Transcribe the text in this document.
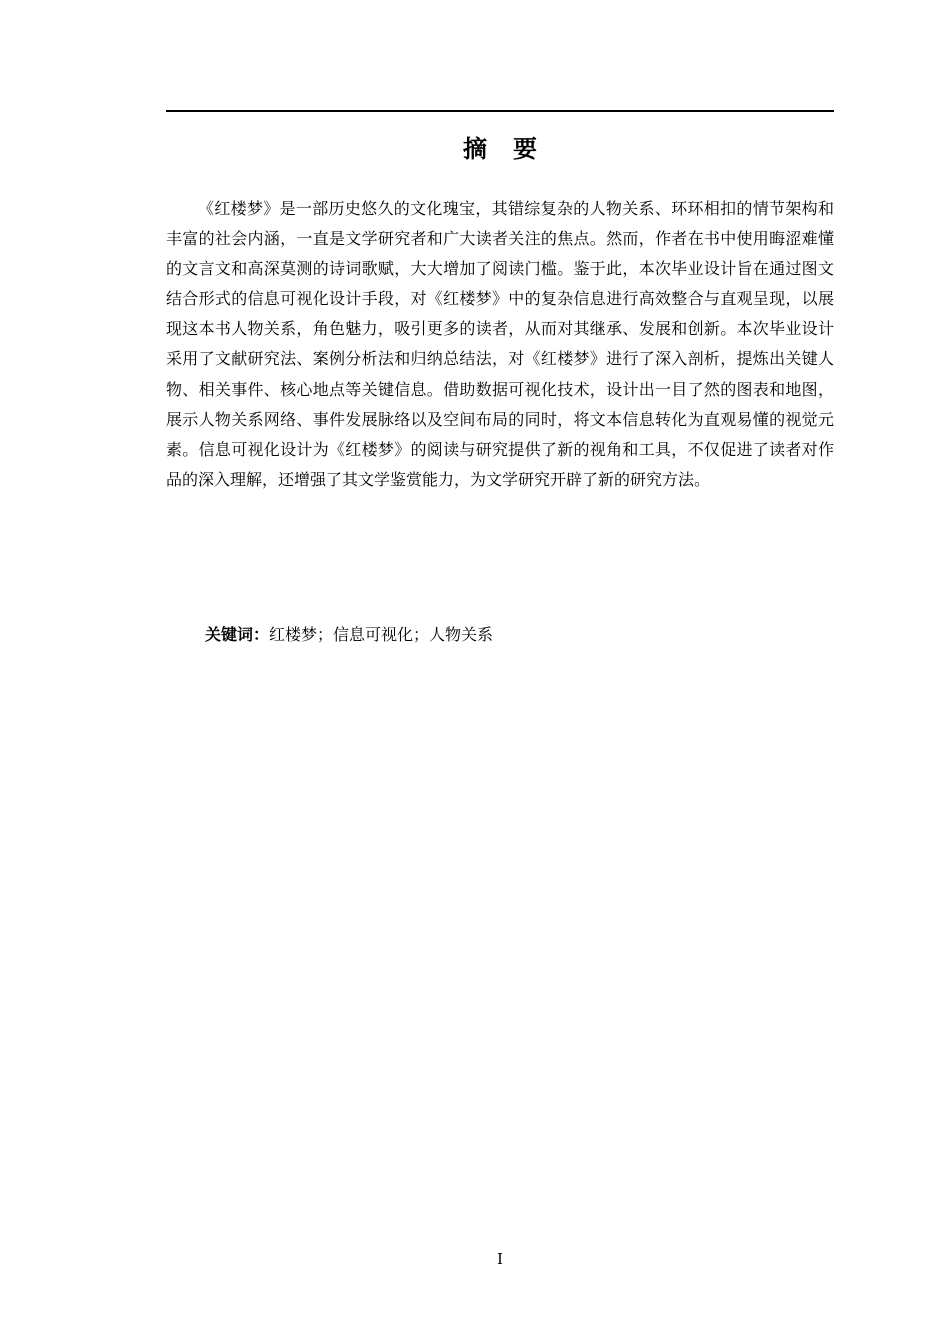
摘 要

《红楼梦》是一部历史悠久的文化瑰宝，其错综复杂的人物关系、环环相扣的情节架构和丰富的社会内涵，一直是文学研究者和广大读者关注的焦点。然而，作者在书中使用晦涩难懂的文言文和高深莫测的诗词歌赋，大大增加了阅读门槛。鉴于此，本次毕业设计旨在通过图文结合形式的信息可视化设计手段，对《红楼梦》中的复杂信息进行高效整合与直观呈现，以展现这本书人物关系，角色魅力，吸引更多的读者，从而对其继承、发展和创新。本次毕业设计采用了文献研究法、案例分析法和归纳总结法，对《红楼梦》进行了深入剖析，提炼出关键人物、相关事件、核心地点等关键信息。借助数据可视化技术，设计出一目了然的图表和地图，展示人物关系网络、事件发展脉络以及空间布局的同时，将文本信息转化为直观易懂的视觉元素。信息可视化设计为《红楼梦》的阅读与研究提供了新的视角和工具，不仅促进了读者对作品的深入理解，还增强了其文学鉴赏能力，为文学研究开辟了新的研究方法。

关键词：红楼梦；信息可视化；人物关系

I
